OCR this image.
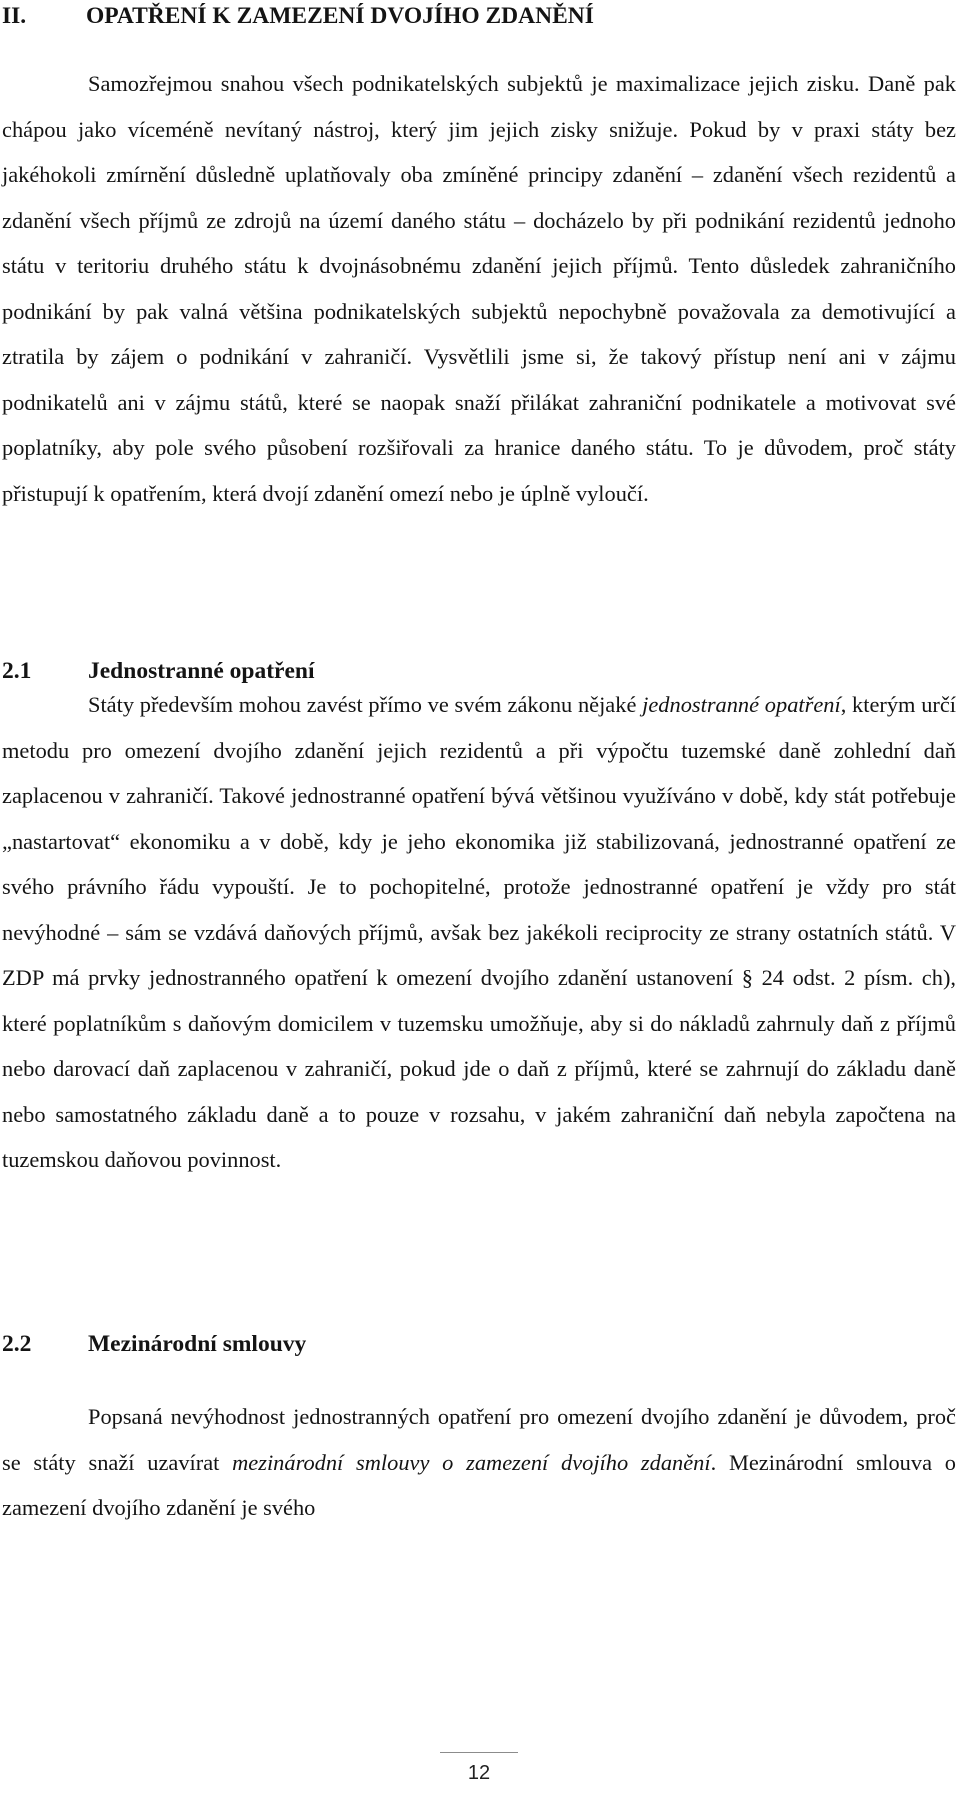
II.	OPATŘENÍ K ZAMEZENÍ DVOJÍHO ZDANĚNÍ

Samozřejmou snahou všech podnikatelských subjektů je maximalizace jejich zisku. Daně pak chápou jako víceméně nevítaný nástroj, který jim jejich zisky snižuje. Pokud by v praxi státy bez jakéhokoli zmírnění důsledně uplatňovaly oba zmíněné principy zdanění – zdanění všech rezidentů a zdanění všech příjmů ze zdrojů na území daného státu – docházelo by při podnikání rezidentů jednoho státu v teritoriu druhého státu k dvojnásobnému zdanění jejich příjmů. Tento důsledek zahraničního podnikání by pak valná většina podnikatelských subjektů nepochybně považovala za demotivující a ztratila by zájem o podnikání v zahraničí. Vysvětlili jsme si, že takový přístup není ani v zájmu podnikatelů ani v zájmu států, které se naopak snaží přilákat zahraniční podnikatele a motivovat své poplatníky, aby pole svého působení rozšiřovali za hranice daného státu. To je důvodem, proč státy přistupují k opatřením, která dvojí zdanění omezí nebo je úplně vyloučí.

2.1 Jednostranné opatření

Státy především mohou zavést přímo ve svém zákonu nějaké jednostranné opatření, kterým určí metodu pro omezení dvojího zdanění jejich rezidentů a při výpočtu tuzemské daně zohlední daň zaplacenou v zahraničí. Takové jednostranné opatření bývá většinou využíváno v době, kdy stát potřebuje „nastartovat“ ekonomiku a v době, kdy je jeho ekonomika již stabilizovaná, jednostranné opatření ze svého právního řádu vypouští. Je to pochopitelné, protože jednostranné opatření je vždy pro stát nevýhodné – sám se vzdává daňových příjmů, avšak bez jakékoli reciprocity ze strany ostatních států. V ZDP má prvky jednostranného opatření k omezení dvojího zdanění ustanovení § 24 odst. 2 písm. ch), které poplatníkům s daňovým domicilem v tuzemsku umožňuje, aby si do nákladů zahrnuly daň z příjmů nebo darovací daň zaplacenou v zahraničí, pokud jde o daň z příjmů, které se zahrnují do základu daně nebo samostatného základu daně a to pouze v rozsahu, v jakém zahraniční daň nebyla započtena na tuzemskou daňovou povinnost.

2.2 Mezinárodní smlouvy

Popsaná nevýhodnost jednostranných opatření pro omezení dvojího zdanění je důvodem, proč se státy snaží uzavírat mezinárodní smlouvy o zamezení dvojího zdanění. Mezinárodní smlouva o zamezení dvojího zdanění je svého

12
